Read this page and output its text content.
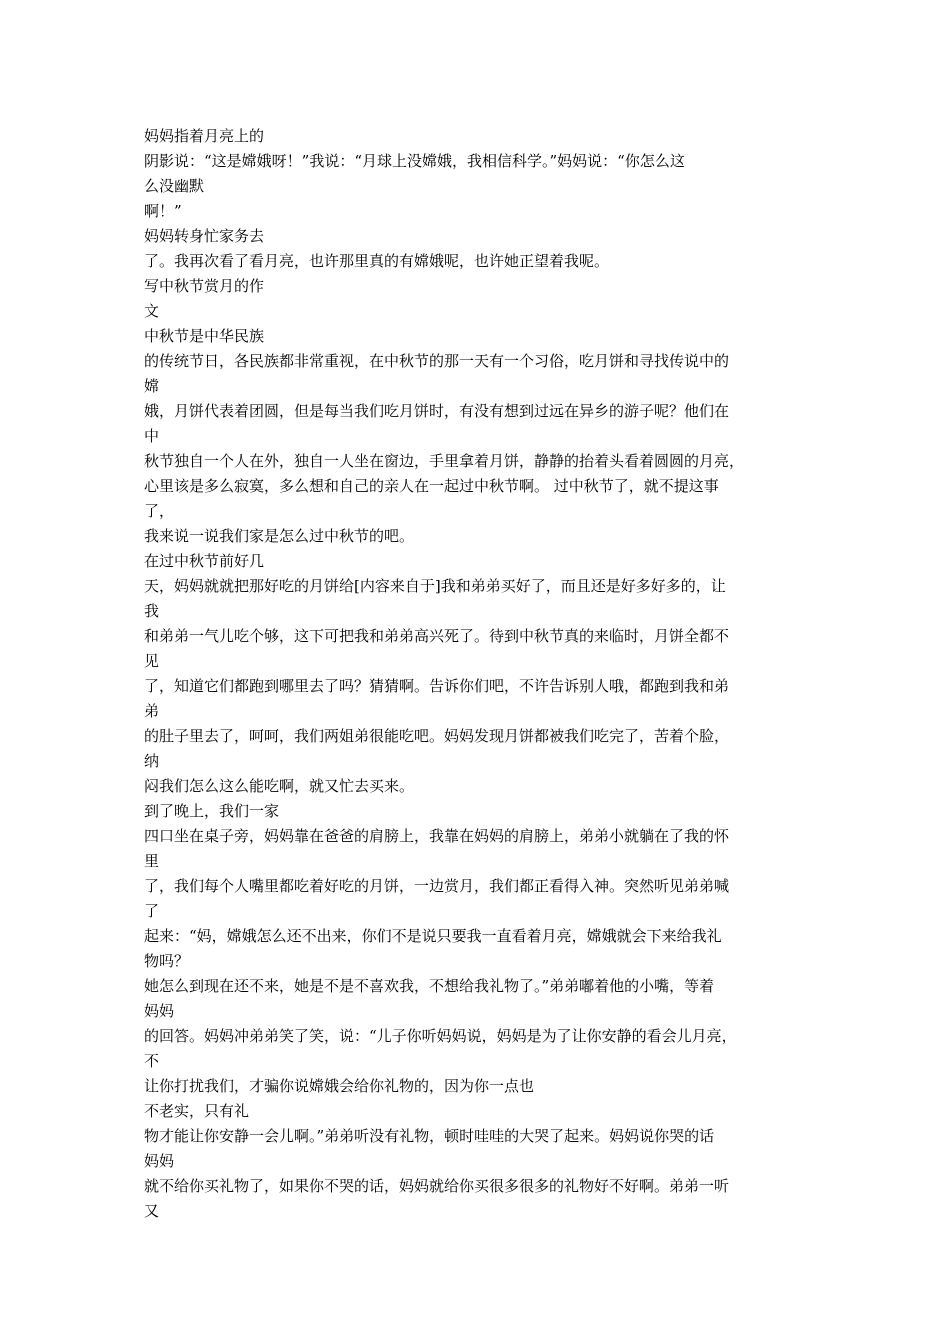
妈妈指着月亮上的
阴影说：“这是嫦娥呀！”我说：“月球上没嫦娥，我相信科学。”妈妈说：“你怎么这
么没幽默
啊！”
妈妈转身忙家务去
了。我再次看了看月亮，也许那里真的有嫦娥呢，也许她正望着我呢。
写中秋节赏月的作
文
中秋节是中华民族
的传统节日，各民族都非常重视，在中秋节的那一天有一个习俗，吃月饼和寻找传说中的
嫦
娥，月饼代表着团圆，但是每当我们吃月饼时，有没有想到过远在异乡的游子呢？他们在
中
秋节独自一个人在外，独自一人坐在窗边，手里拿着月饼，静静的抬着头看着圆圆的月亮，
心里该是多么寂寞，多么想和自己的亲人在一起过中秋节啊。 过中秋节了，就不提这事
了，
我来说一说我们家是怎么过中秋节的吧。
在过中秋节前好几
天，妈妈就就把那好吃的月饼给[内容来自于]我和弟弟买好了，而且还是好多好多的，让
我
和弟弟一气儿吃个够，这下可把我和弟弟高兴死了。待到中秋节真的来临时，月饼全都不
见
了，知道它们都跑到哪里去了吗？猜猜啊。告诉你们吧，不许告诉别人哦，都跑到我和弟
弟
的肚子里去了，呵呵，我们两姐弟很能吃吧。妈妈发现月饼都被我们吃完了，苦着个脸，
纳
闷我们怎么这么能吃啊，就又忙去买来。
到了晚上，我们一家
四口坐在桌子旁，妈妈靠在爸爸的肩膀上，我靠在妈妈的肩膀上，弟弟小就躺在了我的怀
里
了，我们每个人嘴里都吃着好吃的月饼，一边赏月，我们都正看得入神。突然听见弟弟喊
了
起来：“妈，嫦娥怎么还不出来，你们不是说只要我一直看着月亮，嫦娥就会下来给我礼
物吗？
她怎么到现在还不来，她是不是不喜欢我，不想给我礼物了。”弟弟嘟着他的小嘴，等着
妈妈
的回答。妈妈冲弟弟笑了笑，说：“儿子你听妈妈说，妈妈是为了让你安静的看会儿月亮，
不
让你打扰我们，才骗你说嫦娥会给你礼物的，因为你一点也
不老实，只有礼
物才能让你安静一会儿啊。”弟弟听没有礼物，顿时哇哇的大哭了起来。妈妈说你哭的话
妈妈
就不给你买礼物了，如果你不哭的话，妈妈就给你买很多很多的礼物好不好啊。弟弟一听
又
